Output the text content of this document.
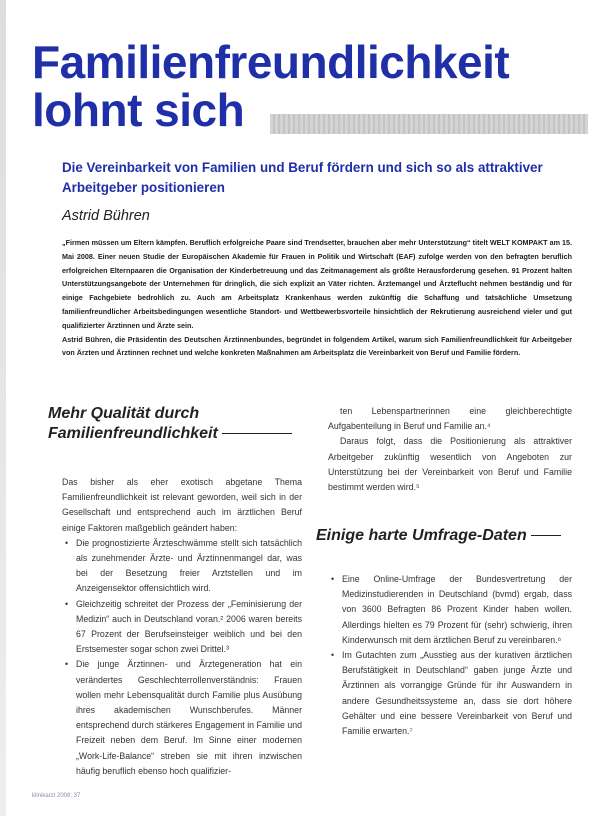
Familienfreundlichkeit
lohnt sich

Die Vereinbarkeit von Familien und Beruf fördern und sich so als attraktiver Arbeitgeber positionieren

Astrid Bühren

„Firmen müssen um Eltern kämpfen. Beruflich erfolgreiche Paare sind Trendsetter, brauchen aber mehr Unterstützung“ titelt WELT KOMPAKT am 15. Mai 2008. Einer neuen Studie der Europäischen Akademie für Frauen in Politik und Wirtschaft (EAF) zufolge werden von den befragten beruflich erfolgreichen Elternpaaren die Organisation der Kinderbetreuung und das Zeitmanagement als größte Herausforderung gesehen. 91 Prozent halten Unterstützungsangebote der Unternehmen für dringlich, die sich explizit an Väter richten. Ärztemangel und Ärzteflucht nehmen beständig und für einige Fachgebiete bedrohlich zu. Auch am Arbeitsplatz Krankenhaus werden zukünftig die Schaffung und tatsächliche Umsetzung familienfreundlicher Arbeitsbedingungen wesentliche Standort- und Wettbewerbsvorteile hinsichtlich der Rekrutierung ausreichend vieler und gut qualifizierter Ärztinnen und Ärzte sein.

Astrid Bühren, die Präsidentin des Deutschen Ärztinnenbundes, begründet in folgendem Artikel, warum sich Familienfreundlichkeit für Arbeitgeber von Ärzten und Ärztinnen rechnet und welche konkreten Maßnahmen am Arbeitsplatz die Vereinbarkeit von Beruf und Familie fördern.

Mehr Qualität durch
Familienfreundlichkeit

Das bisher als eher exotisch abgetane Thema Familienfreundlichkeit ist relevant geworden, weil sich in der Gesellschaft und entsprechend auch im ärztlichen Beruf einige Faktoren maßgeblich geändert haben:

• Die prognostizierte Ärzteschwämme stellt sich tatsächlich als zunehmender Ärzte- und Ärztinnenmangel dar, was bei der Besetzung freier Arztstellen und im Anzeigensektor offensichtlich wird.
• Gleichzeitig schreitet der Prozess der „Feminisierung der Medizin“ auch in Deutschland voran.² 2006 waren bereits 67 Prozent der Berufseinsteiger weiblich und bei den Erstsemester sogar schon zwei Drittel.³
• Die junge Ärztinnen- und Ärztegeneration hat ein verändertes Geschlechterrollenverständnis: Frauen wollen mehr Lebensqualität durch Familie plus Ausübung ihres akademischen Wunschberufes. Männer entsprechend durch stärkeres Engagement in Familie und Freizeit neben dem Beruf. Im Sinne einer modernen „Work-Life-Balance“ streben sie mit ihren inzwischen häufig beruflich ebenso hoch qualifizier-

ten Lebenspartnerinnen eine gleichberechtigte Aufgabenteilung in Beruf und Familie an.⁴

Daraus folgt, dass die Positionierung als attraktiver Arbeitgeber zukünftig wesentlich von Angeboten zur Unterstützung bei der Vereinbarkeit von Beruf und Familie bestimmt werden wird.⁵

Einige harte Umfrage-Daten
• Eine Online-Umfrage der Bundesvertretung der Medizinstudierenden in Deutschland (bvmd) ergab, dass von 3600 Befragten 86 Prozent Kinder haben wollen. Allerdings hielten es 79 Prozent für (sehr) schwierig, ihren Kinderwunsch mit dem ärztlichen Beruf zu vereinbaren.⁶
• Im Gutachten zum „Ausstieg aus der kurativen ärztlichen Berufstätigkeit in Deutschland“ gaben junge Ärzte und Ärztinnen als vorrangige Gründe für ihr Auswandern in andere Gesundheitssysteme an, dass sie dort höhere Gehälter und eine bessere Vereinbarkeit von Beruf und Familie erwarten.⁷
klinikarzt 2008; 37
